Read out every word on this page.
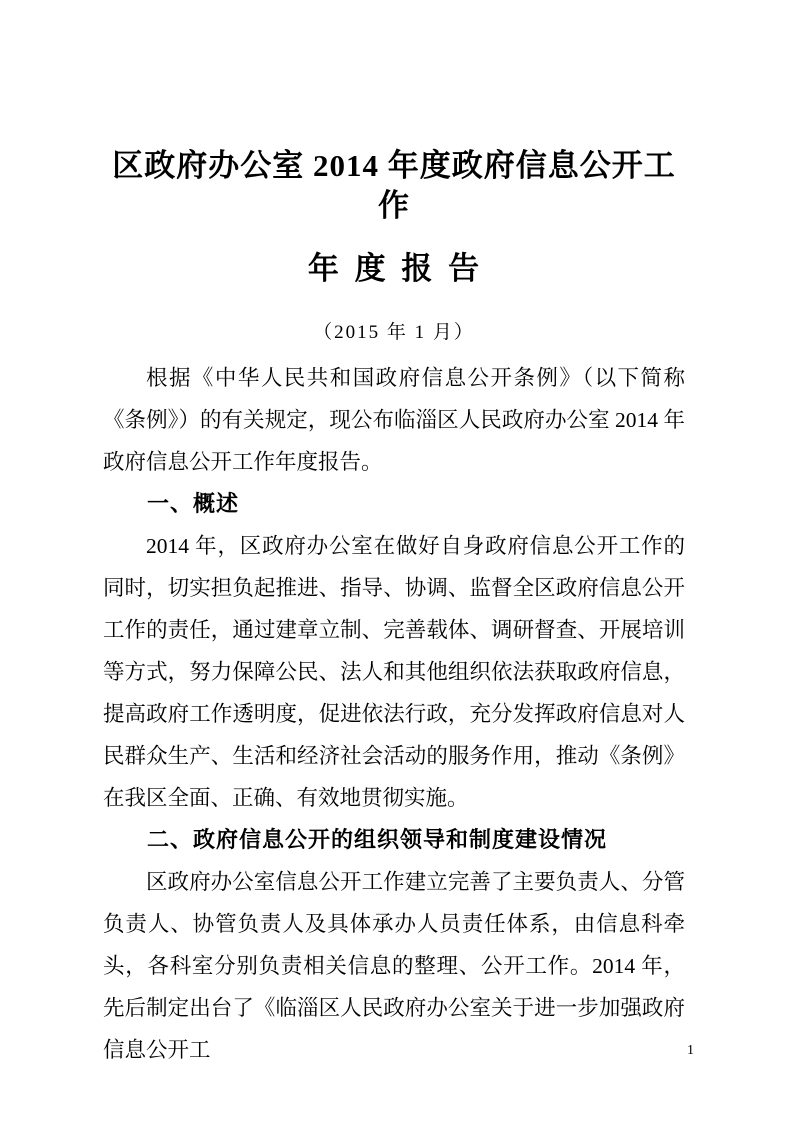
区政府办公室 2014 年度政府信息公开工作
年 度 报 告
（2015 年 1 月）

根据《中华人民共和国政府信息公开条例》（以下简称《条例》）的有关规定，现公布临淄区人民政府办公室 2014 年政府信息公开工作年度报告。

一、概述

2014 年，区政府办公室在做好自身政府信息公开工作的同时，切实担负起推进、指导、协调、监督全区政府信息公开工作的责任，通过建章立制、完善载体、调研督查、开展培训等方式，努力保障公民、法人和其他组织依法获取政府信息，提高政府工作透明度，促进依法行政，充分发挥政府信息对人民群众生产、生活和经济社会活动的服务作用，推动《条例》在我区全面、正确、有效地贯彻实施。

二、政府信息公开的组织领导和制度建设情况

区政府办公室信息公开工作建立完善了主要负责人、分管负责人、协管负责人及具体承办人员责任体系，由信息科牵头，各科室分别负责相关信息的整理、公开工作。2014 年，先后制定出台了《临淄区人民政府办公室关于进一步加强政府信息公开工	1
